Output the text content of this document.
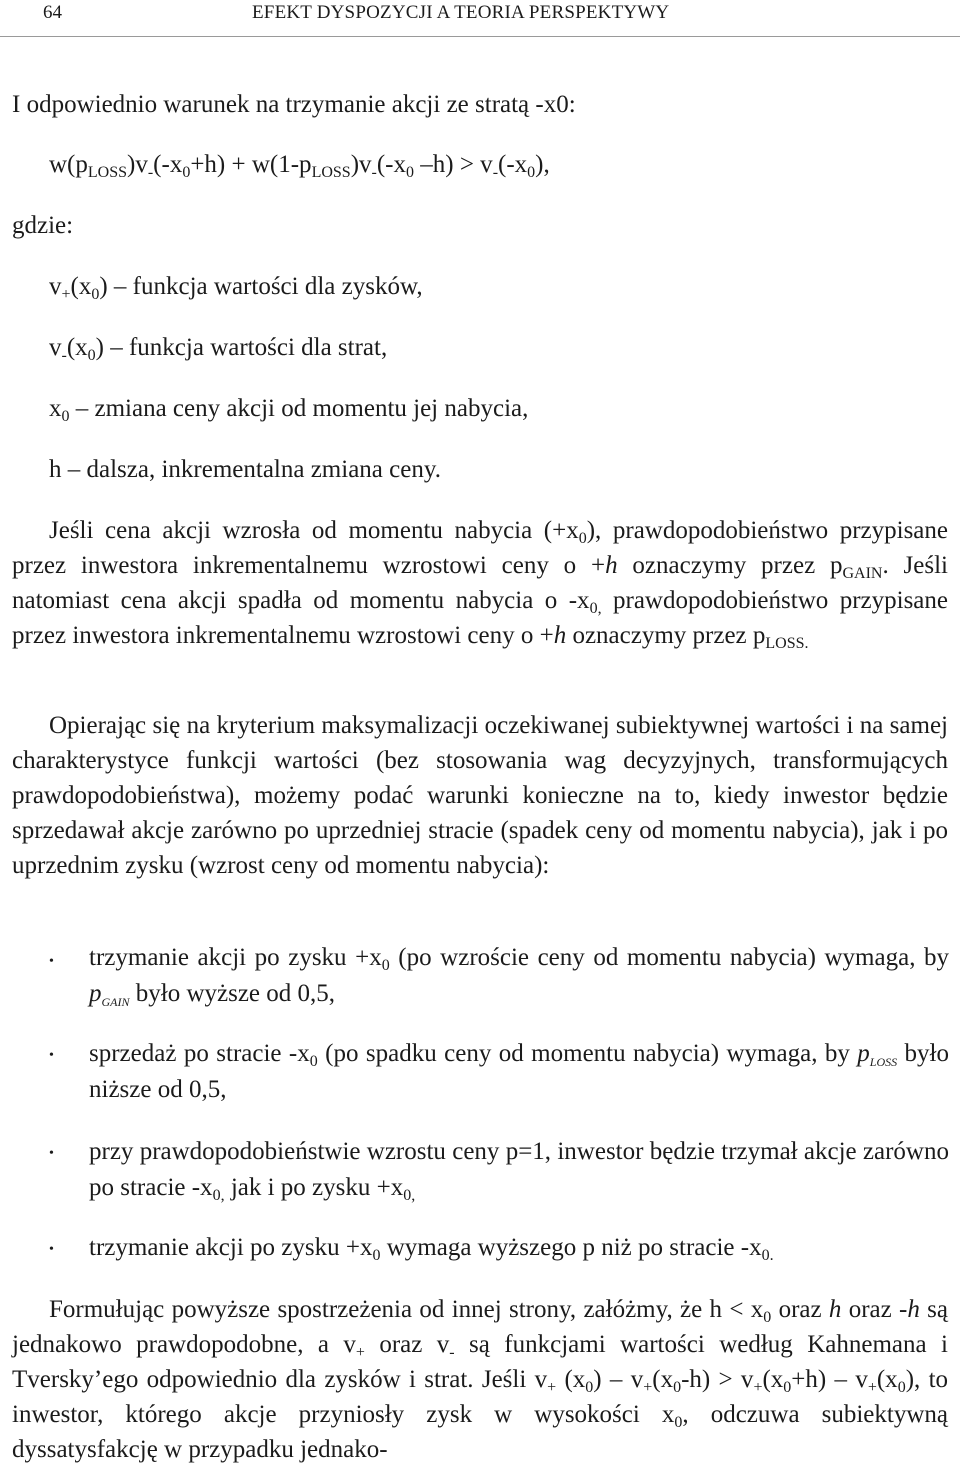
64	EFEKT DYSPOZYCJI A TEORIA PERSPEKTYWY
I odpowiednio warunek na trzymanie akcji ze stratą -x0:
$w(p_{LOSS})v_-(-x_0+h) + w(1-p_{LOSS})v_-(-x_0$ $-h) > v_-(-x_0)$,
gdzie:
$v_+(x_0)$ – funkcja wartości dla zysków,
$v_-(x_0)$ – funkcja wartości dla strat,
$x_0$ – zmiana ceny akcji od momentu jej nabycia,
h – dalsza, inkrementalna zmiana ceny.
Jeśli cena akcji wzrosła od momentu nabycia $(+x_0)$, prawdopodobieństwo przypisane przez inwestora inkrementalnemu wzrostowi ceny o +h oznaczymy przez $p_{GAIN}$. Jeśli natomiast cena akcji spadła od momentu nabycia o $-x_{0,}$ prawdopodobieństwo przypisane przez inwestora inkrementalnemu wzrostowi ceny o +h oznaczymy przez $p_{LOSS.}$
Opierając się na kryterium maksymalizacji oczekiwanej subiektywnej wartości i na samej charakterystyce funkcji wartości (bez stosowania wag decyzyjnych, transformujących prawdopodobieństwa), możemy podać warunki konieczne na to, kiedy inwestor będzie sprzedawał akcje zarówno po uprzedniej stracie (spadek ceny od momentu nabycia), jak i po uprzednim zysku (wzrost ceny od momentu nabycia):
• trzymanie akcji po zysku $+x_0$ (po wzroście ceny od momentu nabycia) wymaga, by $p_{GAIN}$ było wyższe od 0,5,
• sprzedaż po stracie $-x_0$ (po spadku ceny od momentu nabycia) wymaga, by $p_{LOSS}$ było niższe od 0,5,
• przy prawdopodobieństwie wzrostu ceny p=1, inwestor będzie trzymał akcje zarówno po stracie $-x_{0,}$ jak i po zysku $+x_{0,}$
• trzymanie akcji po zysku $+x_0$ wymaga wyższego p niż po stracie $-x_{0.}$
Formułując powyższe spostrzeżenia od innej strony, załóżmy, że $h < x_0$ oraz h oraz -h są jednakowo prawdopodobne, a $v_+$ oraz $v_-$ są funkcjami wartości według Kahnemana i Tversky’ego odpowiednio dla zysków i strat. Jeśli $v_+$ $(x_0) - v_+(x_0-h) > v_+(x_0+h) - v_+(x_0)$, to inwestor, którego akcje przyniosły zysk w wysokości $x_0$, odczuwa subiektywną dyssatysfakcję w przypadku jednako-
